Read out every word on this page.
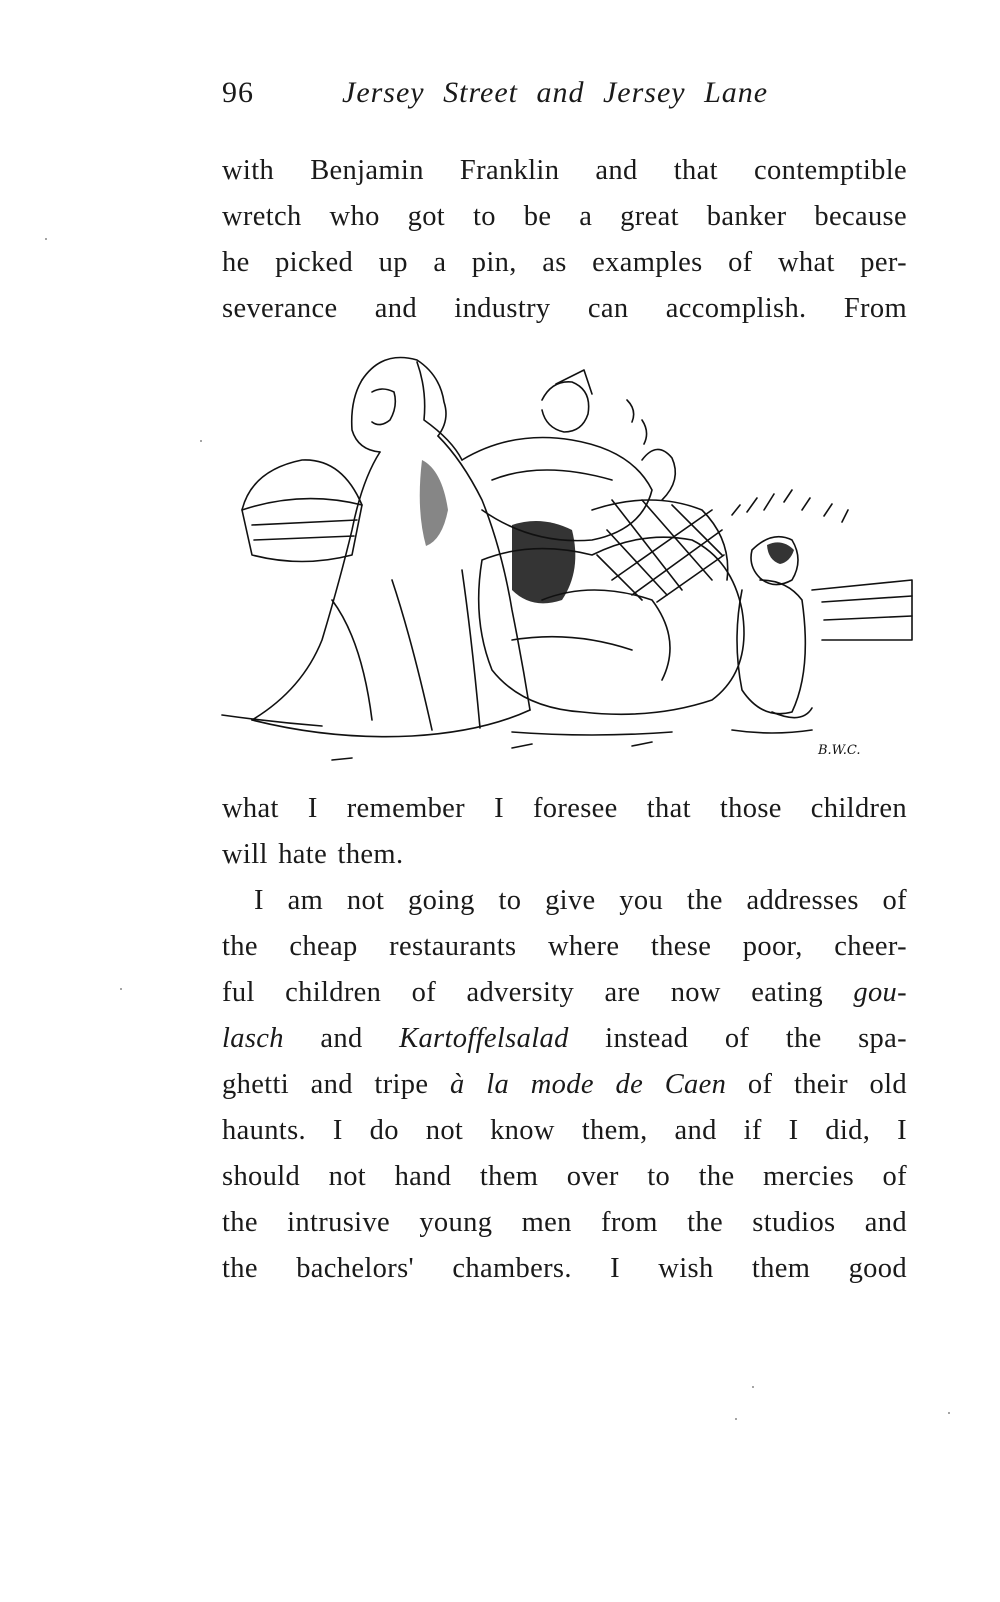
96	Jersey Street and Jersey Lane

with Benjamin Franklin and that contemptible
wretch who got to be a great banker because
he picked up a pin, as examples of what per-
severance and industry can accomplish. From

B.W.C.

what I remember I foresee that those children
will hate them.

I am not going to give you the addresses of
the cheap restaurants where these poor, cheer-
ful children of adversity are now eating gou-
lasch and Kartoffelsalad instead of the spa-
ghetti and tripe à la mode de Caen of their old
haunts. I do not know them, and if I did, I
should not hand them over to the mercies of
the intrusive young men from the studios and
the bachelors' chambers. I wish them good
